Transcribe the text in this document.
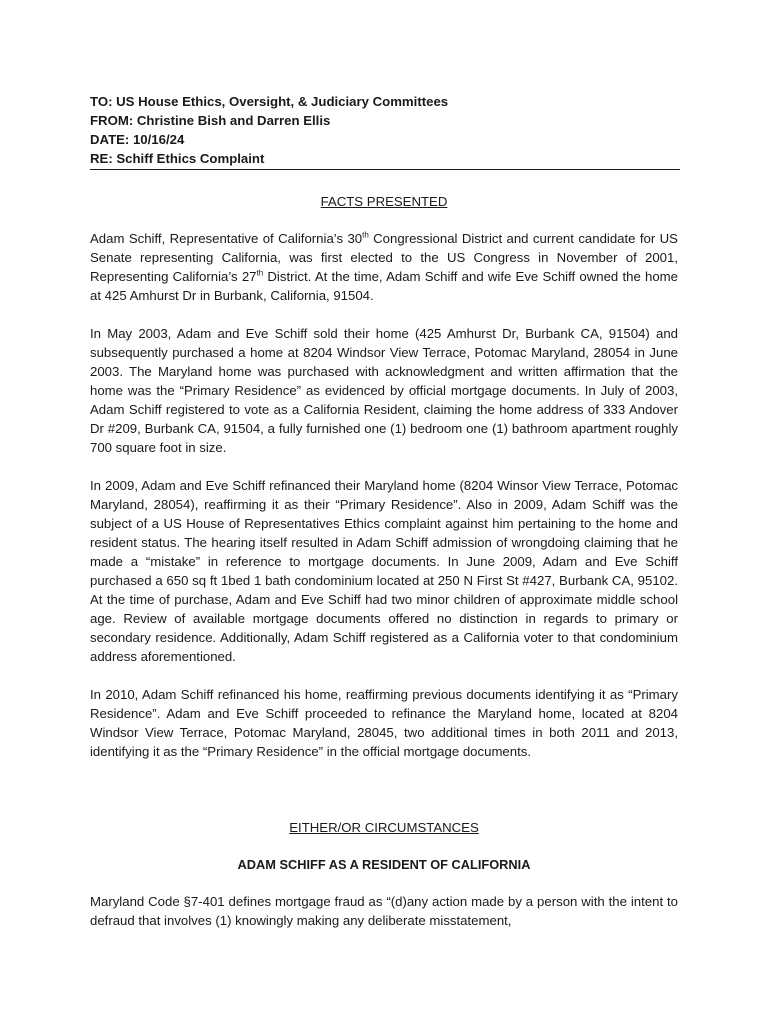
TO: US House Ethics, Oversight, & Judiciary Committees
FROM: Christine Bish and Darren Ellis
DATE: 10/16/24
RE: Schiff Ethics Complaint
FACTS PRESENTED

Adam Schiff, Representative of California’s 30th Congressional District and current candidate for US Senate representing California, was first elected to the US Congress in November of 2001, Representing California’s 27th District. At the time, Adam Schiff and wife Eve Schiff owned the home at 425 Amhurst Dr in Burbank, California, 91504.

In May 2003, Adam and Eve Schiff sold their home (425 Amhurst Dr, Burbank CA, 91504) and subsequently purchased a home at 8204 Windsor View Terrace, Potomac Maryland, 28054 in June 2003. The Maryland home was purchased with acknowledgment and written affirmation that the home was the “Primary Residence” as evidenced by official mortgage documents. In July of 2003, Adam Schiff registered to vote as a California Resident, claiming the home address of 333 Andover Dr #209, Burbank CA, 91504, a fully furnished one (1) bedroom one (1) bathroom apartment roughly 700 square foot in size.

In 2009, Adam and Eve Schiff refinanced their Maryland home (8204 Winsor View Terrace, Potomac Maryland, 28054), reaffirming it as their “Primary Residence”. Also in 2009, Adam Schiff was the subject of a US House of Representatives Ethics complaint against him pertaining to the home and resident status. The hearing itself resulted in Adam Schiff admission of wrongdoing claiming that he made a “mistake” in reference to mortgage documents. In June 2009, Adam and Eve Schiff purchased a 650 sq ft 1bed 1 bath condominium located at 250 N First St #427, Burbank CA, 95102. At the time of purchase, Adam and Eve Schiff had two minor children of approximate middle school age. Review of available mortgage documents offered no distinction in regards to primary or secondary residence. Additionally, Adam Schiff registered as a California voter to that condominium address aforementioned.

In 2010, Adam Schiff refinanced his home, reaffirming previous documents identifying it as “Primary Residence”. Adam and Eve Schiff proceeded to refinance the Maryland home, located at 8204 Windsor View Terrace, Potomac Maryland, 28045, two additional times in both 2011 and 2013, identifying it as the “Primary Residence” in the official mortgage documents.

EITHER/OR CIRCUMSTANCES
ADAM SCHIFF AS A RESIDENT OF CALIFORNIA

Maryland Code §7-401 defines mortgage fraud as “(d)any action made by a person with the intent to defraud that involves (1) knowingly making any deliberate misstatement,
